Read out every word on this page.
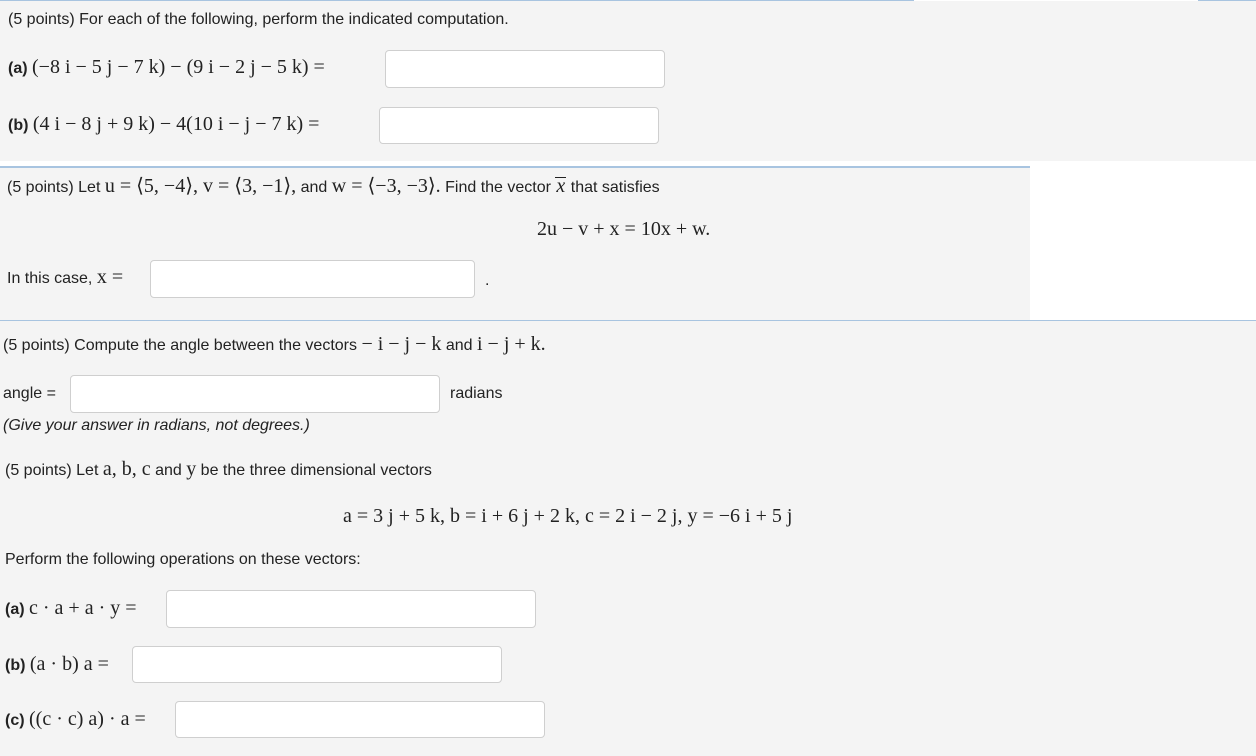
(5 points) For each of the following, perform the indicated computation.
(a) (−8 i − 5 j − 7 k) − (9 i − 2 j − 5 k) =
(b) (4 i − 8 j + 9 k) − 4(10 i − j − 7 k) =
(5 points) Let u = ⟨5, −4⟩, v = ⟨3, −1⟩, and w = ⟨−3, −3⟩. Find the vector x that satisfies
2u − v + x = 10x + w.
In this case, x =	.
(5 points) Compute the angle between the vectors − i − j − k and i − j + k.
angle =	radians
(Give your answer in radians, not degrees.)
(5 points) Let a, b, c and y be the three dimensional vectors
a = 3 j + 5 k, b = i + 6 j + 2 k, c = 2 i − 2 j, y = −6 i + 5 j
Perform the following operations on these vectors:
(a) c · a + a · y =
(b) (a · b) a =
(c) ((c · c) a) · a =
